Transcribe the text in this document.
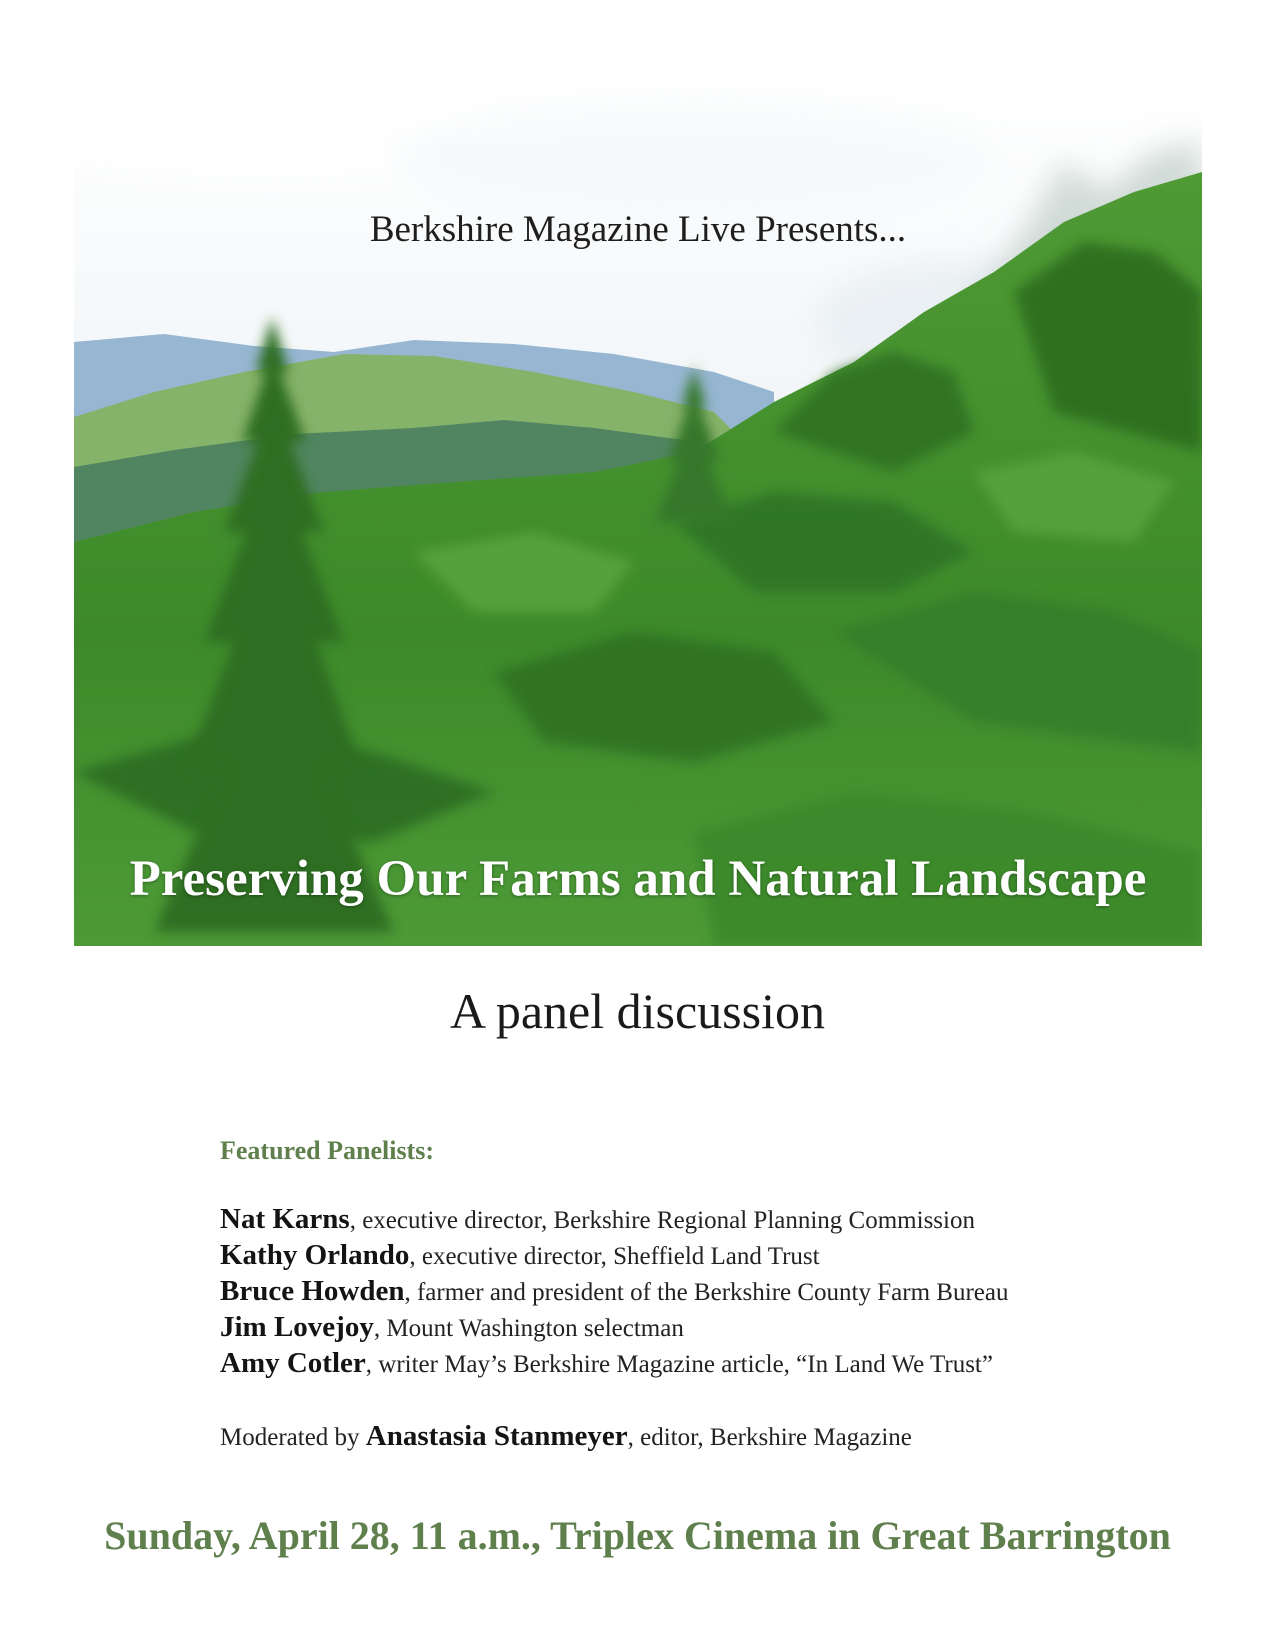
Berkshire Magazine Live Presents...
Preserving Our Farms and Natural Landscape
A panel discussion
Featured Panelists:
Nat Karns, executive director, Berkshire Regional Planning Commission
Kathy Orlando, executive director, Sheffield Land Trust
Bruce Howden, farmer and president of the Berkshire County Farm Bureau
Jim Lovejoy, Mount Washington selectman
Amy Cotler, writer May’s Berkshire Magazine article, “In Land We Trust”
Moderated by Anastasia Stanmeyer, editor, Berkshire Magazine
Sunday, April 28, 11 a.m., Triplex Cinema in Great Barrington
